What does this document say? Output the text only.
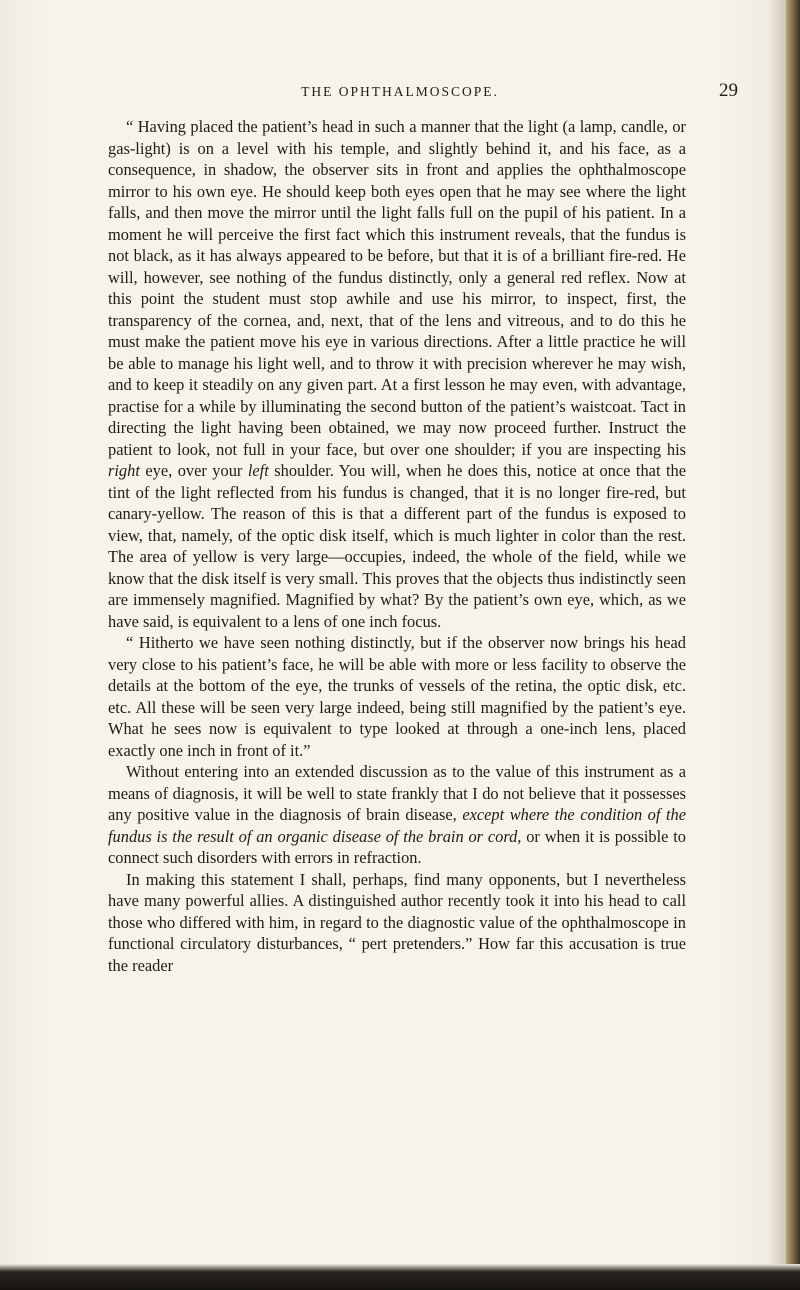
THE OPHTHALMOSCOPE.	29

“ Having placed the patient’s head in such a manner that the light (a lamp, candle, or gas-light) is on a level with his temple, and slightly behind it, and his face, as a consequence, in shadow, the observer sits in front and applies the ophthalmoscope mirror to his own eye. He should keep both eyes open that he may see where the light falls, and then move the mirror until the light falls full on the pupil of his patient. In a moment he will perceive the first fact which this instrument reveals, that the fundus is not black, as it has always appeared to be before, but that it is of a brilliant fire-red. He will, however, see nothing of the fundus distinctly, only a general red reflex. Now at this point the student must stop awhile and use his mirror, to inspect, first, the transparency of the cornea, and, next, that of the lens and vitreous, and to do this he must make the patient move his eye in various directions. After a little practice he will be able to manage his light well, and to throw it with precision wherever he may wish, and to keep it steadily on any given part. At a first lesson he may even, with advantage, practise for a while by illuminating the second button of the patient’s waistcoat. Tact in directing the light having been obtained, we may now proceed further. Instruct the patient to look, not full in your face, but over one shoulder; if you are inspecting his right eye, over your left shoulder. You will, when he does this, notice at once that the tint of the light reflected from his fundus is changed, that it is no longer fire-red, but canary-yellow. The reason of this is that a different part of the fundus is exposed to view, that, namely, of the optic disk itself, which is much lighter in color than the rest. The area of yellow is very large—occupies, indeed, the whole of the field, while we know that the disk itself is very small. This proves that the objects thus indistinctly seen are immensely magnified. Magnified by what? By the patient’s own eye, which, as we have said, is equivalent to a lens of one inch focus.

“ Hitherto we have seen nothing distinctly, but if the observer now brings his head very close to his patient’s face, he will be able with more or less facility to observe the details at the bottom of the eye, the trunks of vessels of the retina, the optic disk, etc. etc. All these will be seen very large indeed, being still magnified by the patient’s eye. What he sees now is equivalent to type looked at through a one-inch lens, placed exactly one inch in front of it.”

Without entering into an extended discussion as to the value of this instrument as a means of diagnosis, it will be well to state frankly that I do not believe that it possesses any positive value in the diagnosis of brain disease, except where the condition of the fundus is the result of an organic disease of the brain or cord, or when it is possible to connect such disorders with errors in refraction.

In making this statement I shall, perhaps, find many opponents, but I nevertheless have many powerful allies. A distinguished author recently took it into his head to call those who differed with him, in regard to the diagnostic value of the ophthalmoscope in functional circulatory disturbances, “ pert pretenders.” How far this accusation is true the reader
